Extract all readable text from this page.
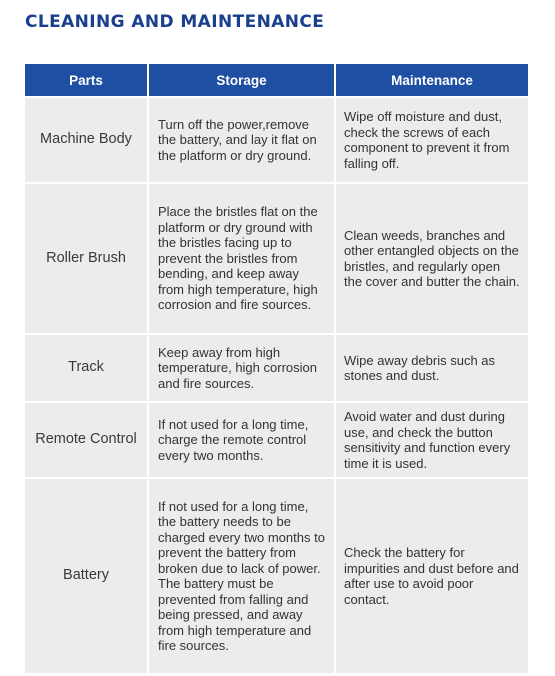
CLEANING AND MAINTENANCE
Parts	Storage	Maintenance
Machine Body	Turn off the power,remove the battery, and lay it flat on the platform or dry ground.	Wipe off moisture and dust, check the screws of each component to prevent it from falling off.
Roller Brush	Place the bristles flat on the platform or dry ground with the bristles facing up to prevent the bristles from bending, and keep away from high temperature, high corrosion and fire sources.	Clean weeds, branches and other entangled objects on the bristles, and regularly open the cover and butter the chain.
Track	Keep away from high temperature, high corrosion and fire sources.	Wipe away debris such as stones and dust.
Remote Control	If not used for a long time, charge the remote control every two months.	Avoid water and dust during use, and check the button sensitivity and function every time it is used.
Battery	If not used for a long time, the battery needs to be charged every two months to prevent the battery from broken due to lack of power. The battery must be prevented from falling and being pressed, and away from high temperature and fire sources.	Check the battery for impurities and dust before and after use to avoid poor contact.
